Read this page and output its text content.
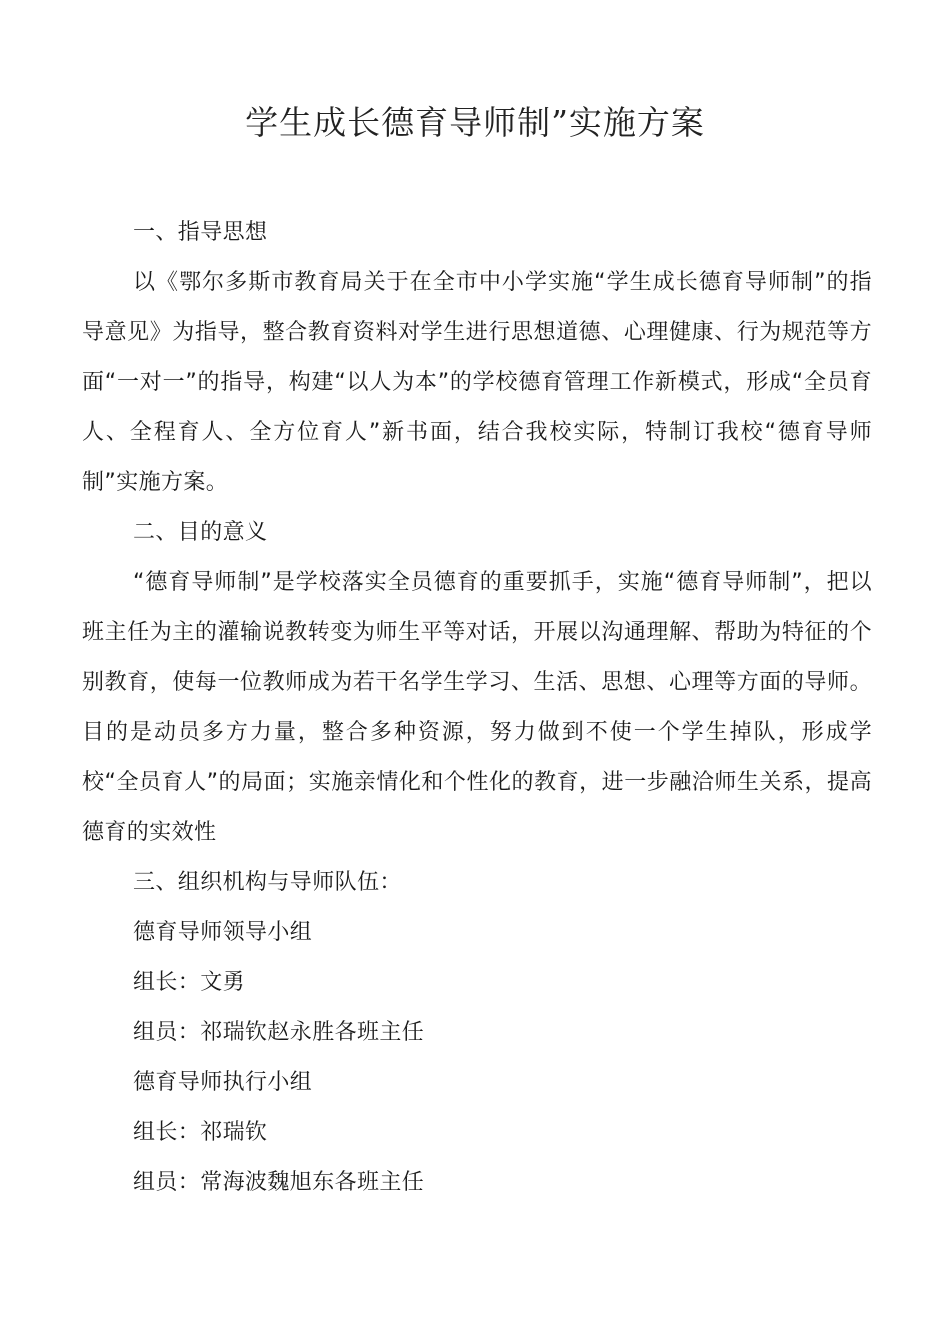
学生成长德育导师制”实施方案

一、指导思想

以《鄂尔多斯市教育局关于在全市中小学实施“学生成长德育导师制”的指导意见》为指导，整合教育资料对学生进行思想道德、心理健康、行为规范等方面“一对一”的指导，构建“以人为本”的学校德育管理工作新模式，形成“全员育人、全程育人、全方位育人”新书面，结合我校实际，特制订我校“德育导师制”实施方案。

二、目的意义

“德育导师制”是学校落实全员德育的重要抓手，实施“德育导师制”，把以班主任为主的灌输说教转变为师生平等对话，开展以沟通理解、帮助为特征的个别教育，使每一位教师成为若干名学生学习、生活、思想、心理等方面的导师。目的是动员多方力量，整合多种资源，努力做到不使一个学生掉队，形成学校“全员育人”的局面；实施亲情化和个性化的教育，进一步融洽师生关系，提高德育的实效性

三、组织机构与导师队伍：

德育导师领导小组

组长：文勇

组员：祁瑞钦赵永胜各班主任

德育导师执行小组

组长：祁瑞钦

组员：常海波魏旭东各班主任
